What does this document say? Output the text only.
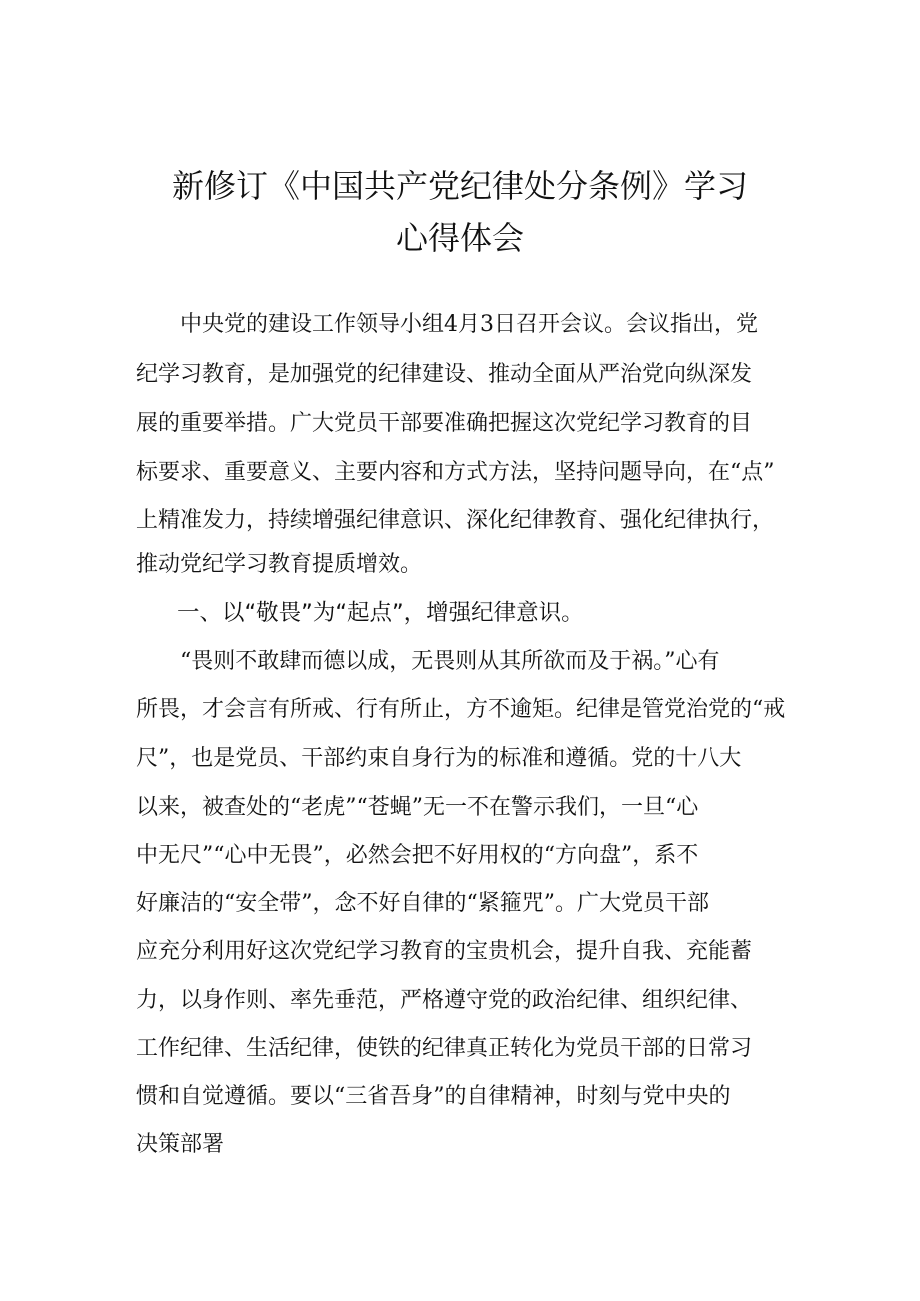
新修订《中国共产党纪律处分条例》学习
心得体会
　　中央党的建设工作领导小组4月3日召开会议。会议指出，党
纪学习教育，是加强党的纪律建设、推动全面从严治党向纵深发
展的重要举措。广大党员干部要准确把握这次党纪学习教育的目
标要求、重要意义、主要内容和方式方法，坚持问题导向，在“点”
上精准发力，持续增强纪律意识、深化纪律教育、强化纪律执行，
推动党纪学习教育提质增效。
一、以“敬畏”为“起点”，增强纪律意识。
　　“畏则不敢肆而德以成，无畏则从其所欲而及于祸。”心有
所畏，才会言有所戒、行有所止，方不逾矩。纪律是管党治党的“戒
尺”，也是党员、干部约束自身行为的标准和遵循。党的十八大
以来，被查处的“老虎”“苍蝇”无一不在警示我们，一旦“心
中无尺”“心中无畏”，必然会把不好用权的“方向盘”，系不
好廉洁的“安全带”，念不好自律的“紧箍咒”。广大党员干部
应充分利用好这次党纪学习教育的宝贵机会，提升自我、充能蓄
力，以身作则、率先垂范，严格遵守党的政治纪律、组织纪律、
工作纪律、生活纪律，使铁的纪律真正转化为党员干部的日常习
惯和自觉遵循。要以“三省吾身”的自律精神，时刻与党中央的
决策部署
